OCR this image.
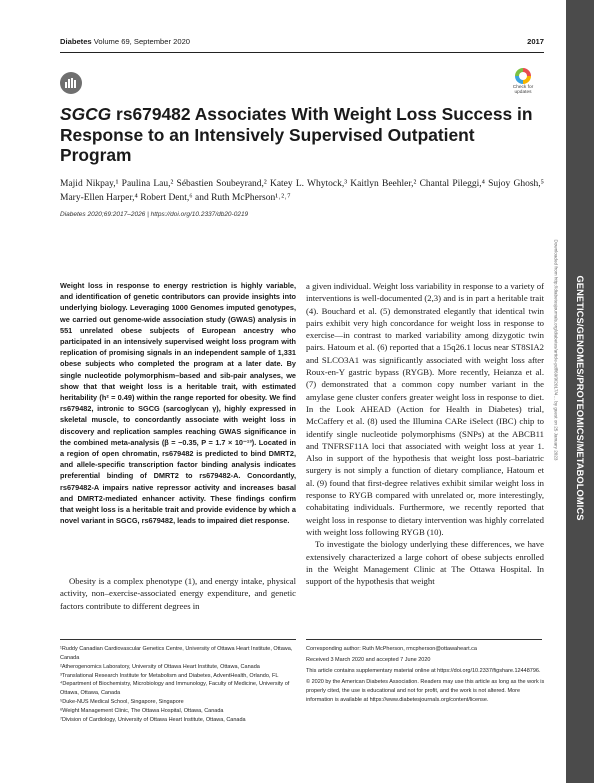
Diabetes Volume 69, September 2020	2017
Check for
updates
SGCG rs679482 Associates With Weight Loss Success in Response to an Intensively Supervised Outpatient Program
Majid Nikpay,¹ Paulina Lau,² Sébastien Soubeyrand,² Katey L. Whytock,³ Kaitlyn Beehler,² Chantal Pileggi,⁴ Sujoy Ghosh,⁵ Mary-Ellen Harper,⁴ Robert Dent,⁶ and Ruth McPherson¹˒²˒⁷
Diabetes 2020;69:2017–2026 | https://doi.org/10.2337/db20-0219
GENETICS/GENOMES/PROTEOMICS/METABOLOMICS
Downloaded from http://diabetesjournals.org/diabetes/article-pdf/69/9/2017/4… by guest on 25 January 2023

Weight loss in response to energy restriction is highly variable, and identification of genetic contributors can provide insights into underlying biology. Leveraging 1000 Genomes imputed genotypes, we carried out genome-wide association study (GWAS) analysis in 551 unrelated obese subjects of European ancestry who participated in an intensively supervised weight loss program with replication of promising signals in an independent sample of 1,331 obese subjects who completed the program at a later date. By single nucleotide polymorphism–based and sib-pair analyses, we show that that weight loss is a heritable trait, with estimated heritability (h² = 0.49) within the range reported for obesity. We find rs679482, intronic to SGCG (sarcoglycan γ), highly expressed in skeletal muscle, to concordantly associate with weight loss in discovery and replication samples reaching GWAS significance in the combined meta-analysis (β = −0.35, P = 1.7 × 10⁻¹³). Located in a region of open chromatin, rs679482 is predicted to bind DMRT2, and allele-specific transcription factor binding analysis indicates preferential binding of DMRT2 to rs679482-A. Concordantly, rs679482-A impairs native repressor activity and increases basal and DMRT2-mediated enhancer activity. These findings confirm that weight loss is a heritable trait and provide evidence by which a novel variant in SGCG, rs679482, leads to impaired diet response.

Obesity is a complex phenotype (1), and energy intake, physical activity, non–exercise-associated energy expenditure, and genetic factors contribute to different degrees in

a given individual. Weight loss variability in response to a variety of interventions is well-documented (2,3) and is in part a heritable trait (4). Bouchard et al. (5) demonstrated elegantly that identical twin pairs exhibit very high concordance for weight loss in response to exercise—in contrast to marked variability among dizygotic twin pairs. Hatoum et al. (6) reported that a 15q26.1 locus near ST8SIA2 and SLCO3A1 was significantly associated with weight loss after Roux-en-Y gastric bypass (RYGB). More recently, Heianza et al. (7) demonstrated that a common copy number variant in the amylase gene cluster confers greater weight loss in response to diet. In the Look AHEAD (Action for Health in Diabetes) trial, McCaffery et al. (8) used the Illumina CARe iSelect (IBC) chip to identify single nucleotide polymorphisms (SNPs) at the ABCB11 and TNFRSF11A loci that associated with weight loss at year 1. Also in support of the hypothesis that weight loss post–bariatric surgery is not simply a function of dietary compliance, Hatoum et al. (9) found that first-degree relatives exhibit similar weight loss in response to RYGB compared with unrelated or, more interestingly, cohabitating individuals. Furthermore, we recently reported that weight loss in response to dietary intervention was highly correlated with weight loss following RYGB (10).

To investigate the biology underlying these differences, we have extensively characterized a large cohort of obese subjects enrolled in the Weight Management Clinic at The Ottawa Hospital. In support of the hypothesis that weight

¹Ruddy Canadian Cardiovascular Genetics Centre, University of Ottawa Heart Institute, Ottawa, Canada
²Atherogenomics Laboratory, University of Ottawa Heart Institute, Ottawa, Canada
³Translational Research Institute for Metabolism and Diabetes, AdventHealth, Orlando, FL
⁴Department of Biochemistry, Microbiology and Immunology, Faculty of Medicine, University of Ottawa, Ottawa, Canada
⁵Duke-NUS Medical School, Singapore, Singapore
⁶Weight Management Clinic, The Ottawa Hospital, Ottawa, Canada
⁷Division of Cardiology, University of Ottawa Heart Institute, Ottawa, Canada
Corresponding author: Ruth McPherson, rmcpherson@ottawaheart.ca
Received 3 March 2020 and accepted 7 June 2020
This article contains supplementary material online at https://doi.org/10.2337/figshare.12448796.
© 2020 by the American Diabetes Association. Readers may use this article as long as the work is properly cited, the use is educational and not for profit, and the work is not altered. More information is available at https://www.diabetesjournals.org/content/license.
